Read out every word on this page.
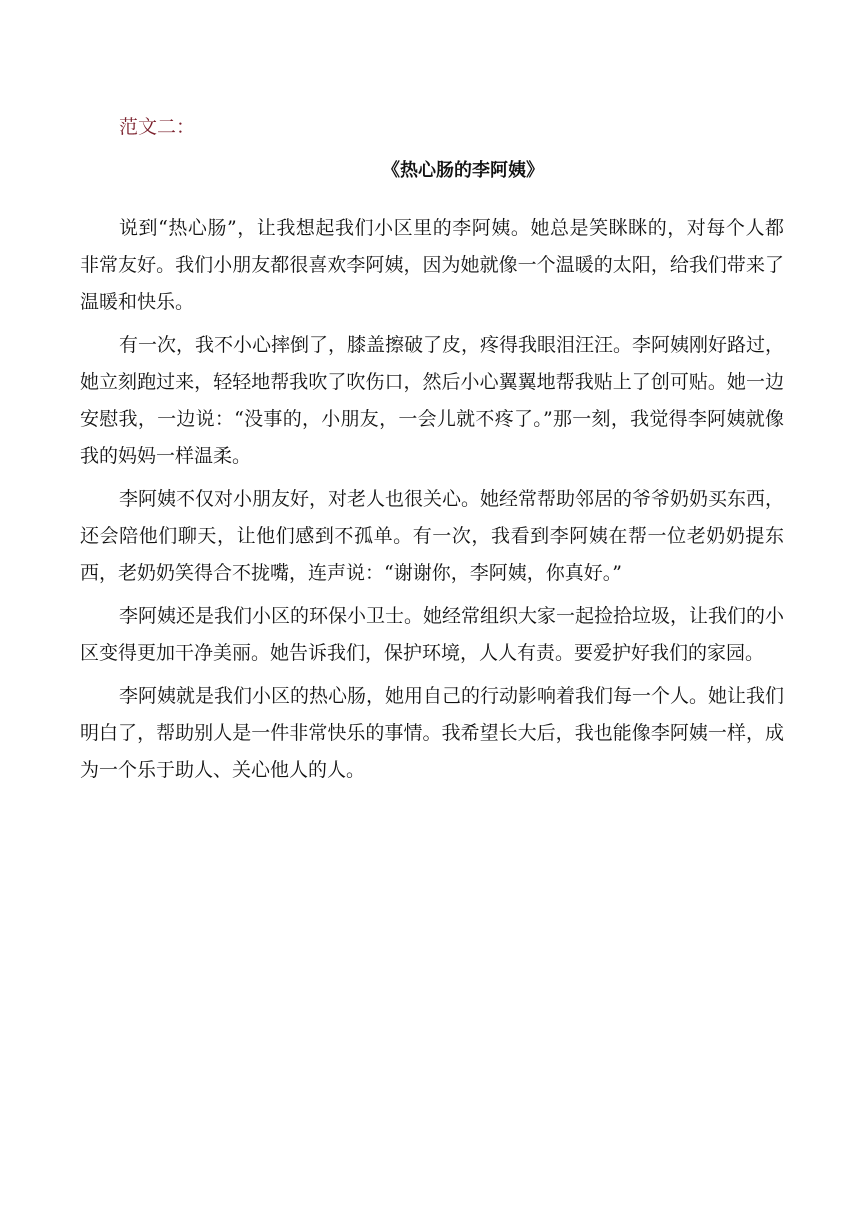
范文二：
《热心肠的李阿姨》

说到“热心肠”，让我想起我们小区里的李阿姨。她总是笑眯眯的，对每个人都非常友好。我们小朋友都很喜欢李阿姨，因为她就像一个温暖的太阳，给我们带来了温暖和快乐。

有一次，我不小心摔倒了，膝盖擦破了皮，疼得我眼泪汪汪。李阿姨刚好路过，她立刻跑过来，轻轻地帮我吹了吹伤口，然后小心翼翼地帮我贴上了创可贴。她一边安慰我，一边说：“没事的，小朋友，一会儿就不疼了。”那一刻，我觉得李阿姨就像我的妈妈一样温柔。

李阿姨不仅对小朋友好，对老人也很关心。她经常帮助邻居的爷爷奶奶买东西，还会陪他们聊天，让他们感到不孤单。有一次，我看到李阿姨在帮一位老奶奶提东西，老奶奶笑得合不拢嘴，连声说：“谢谢你，李阿姨，你真好。”

李阿姨还是我们小区的环保小卫士。她经常组织大家一起捡拾垃圾，让我们的小区变得更加干净美丽。她告诉我们，保护环境，人人有责。要爱护好我们的家园。

李阿姨就是我们小区的热心肠，她用自己的行动影响着我们每一个人。她让我们明白了，帮助别人是一件非常快乐的事情。我希望长大后，我也能像李阿姨一样，成为一个乐于助人、关心他人的人。
